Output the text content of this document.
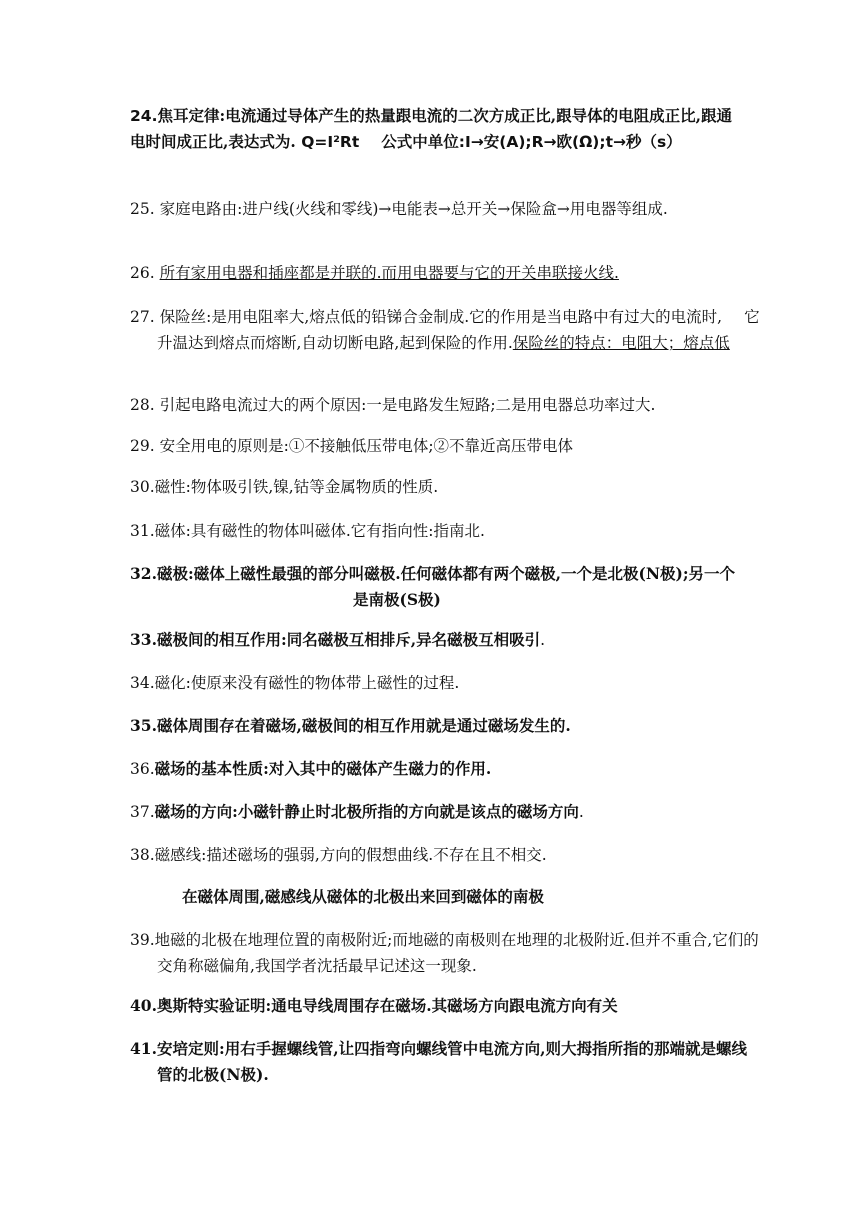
24.焦耳定律:电流通过导体产生的热量跟电流的二次方成正比,跟导体的电阻成正比,跟通电时间成正比,表达式为. Q=I²Rt 公式中单位:I→安(A);R→欧(Ω);t→秒（s）
25. 家庭电路由:进户线(火线和零线)→电能表→总开关→保险盒→用电器等组成.
26. 所有家用电器和插座都是并联的.而用电器要与它的开关串联接火线.
27. 保险丝:是用电阻率大,熔点低的铅锑合金制成.它的作用是当电路中有过大的电流时, 它升温达到熔点而熔断,自动切断电路,起到保险的作用.保险丝的特点：电阻大；熔点低
28. 引起电路电流过大的两个原因:一是电路发生短路;二是用电器总功率过大.
29. 安全用电的原则是:①不接触低压带电体;②不靠近高压带电体
30.磁性:物体吸引铁,镍,钴等金属物质的性质.
31.磁体:具有磁性的物体叫磁体.它有指向性:指南北.
32.磁极:磁体上磁性最强的部分叫磁极.任何磁体都有两个磁极,一个是北极(N极);另一个是南极(S极)
33.磁极间的相互作用:同名磁极互相排斥,异名磁极互相吸引.
34.磁化:使原来没有磁性的物体带上磁性的过程.
35.磁体周围存在着磁场,磁极间的相互作用就是通过磁场发生的.
36.磁场的基本性质:对入其中的磁体产生磁力的作用.
37.磁场的方向:小磁针静止时北极所指的方向就是该点的磁场方向.
38.磁感线:描述磁场的强弱,方向的假想曲线.不存在且不相交.
在磁体周围,磁感线从磁体的北极出来回到磁体的南极
39.地磁的北极在地理位置的南极附近;而地磁的南极则在地理的北极附近.但并不重合,它们的交角称磁偏角,我国学者沈括最早记述这一现象.
40.奥斯特实验证明:通电导线周围存在磁场.其磁场方向跟电流方向有关
41.安培定则:用右手握螺线管,让四指弯向螺线管中电流方向,则大拇指所指的那端就是螺线管的北极(N极).
